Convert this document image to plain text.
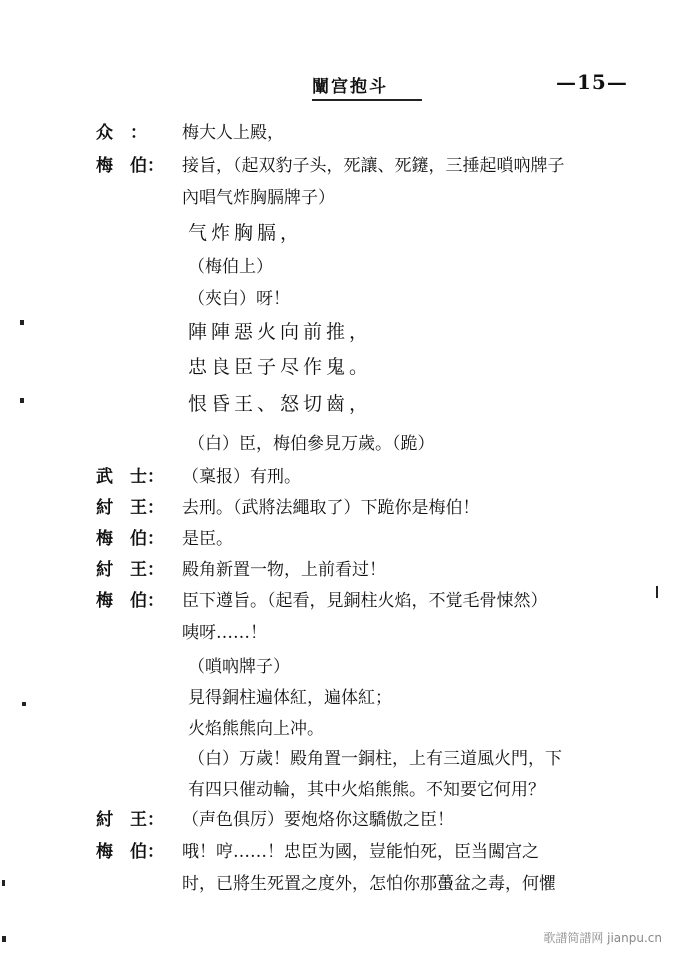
闡宫抱斗	—15—
众　：	梅大人上殿，
梅　伯：	接旨，（起双豹子头，死讓、死鑳，三捶起嗩吶牌子
內唱气炸胸膈牌子）
气炸胸膈，
（梅伯上）
（夾白）呀！
陣陣惡火向前推，
忠良臣子尽作鬼。
恨昏王、怒切齒，
（白）臣，梅伯參見万歲。（跪）
武　士：	（稟报）有刑。
紂　王：	去刑。（武將法繩取了）下跪你是梅伯！
梅　伯：	是臣。
紂　王：	殿角新置一物，上前看过！
梅　伯：	臣下遵旨。（起看，見銅柱火焰，不覚毛骨悚然）
咦呀……！
（嗩吶牌子）
見得銅柱遍体紅，遍体紅；
火焰熊熊向上冲。
（白）万歲！殿角置一銅柱，上有三道風火門，下
有四只催动輪，其中火焰熊熊。不知要它何用？
紂　王：	（声色俱厉）要炮烙你这驕傲之臣！
梅　伯：	哦！哼……！忠臣为國，豈能怕死，臣当闖宫之
时，已將生死置之度外，怎怕你那蠆盆之毒，何懼
歌譜简譜网 jianpu.cn
